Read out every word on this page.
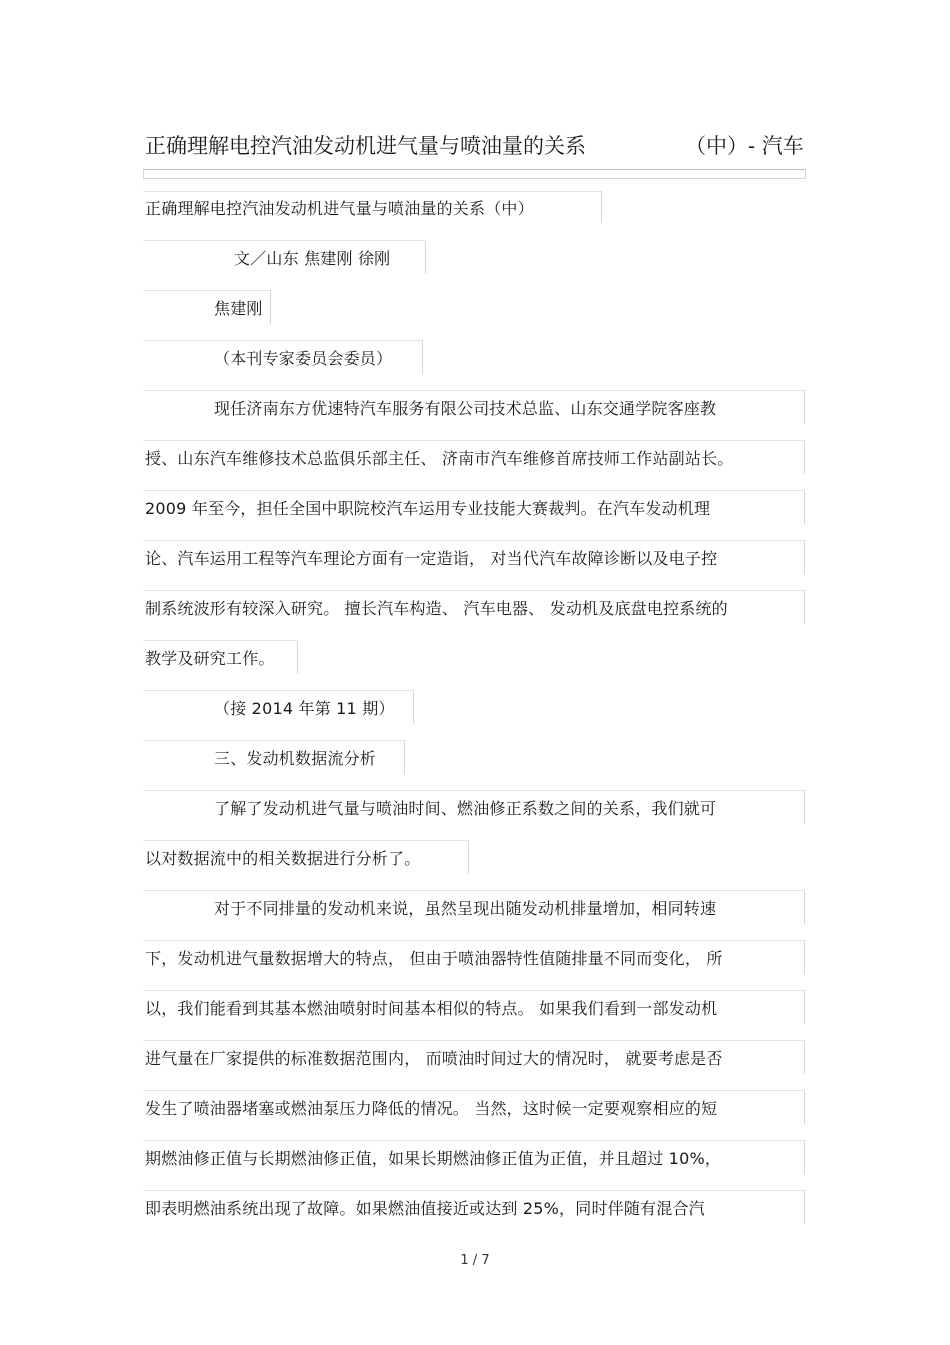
正确理解电控汽油发动机进气量与喷油量的关系	（中）- 汽车
正确理解电控汽油发动机进气量与喷油量的关系（中）
文／山东 焦建刚 徐刚
焦建刚
（本刊专家委员会委员）
现任济南东方优速特汽车服务有限公司技术总监、山东交通学院客座教
授、山东汽车维修技术总监俱乐部主任、 济南市汽车维修首席技师工作站副站长。
2009 年至今，担任全国中职院校汽车运用专业技能大赛裁判。在汽车发动机理
论、汽车运用工程等汽车理论方面有一定造诣， 对当代汽车故障诊断以及电子控
制系统波形有较深入研究。 擅长汽车构造、 汽车电器、 发动机及底盘电控系统的
教学及研究工作。
（接 2014 年第 11 期）
三、发动机数据流分析
了解了发动机进气量与喷油时间、燃油修正系数之间的关系，我们就可
以对数据流中的相关数据进行分析了。
对于不同排量的发动机来说，虽然呈现出随发动机排量增加，相同转速
下，发动机进气量数据增大的特点， 但由于喷油器特性值随排量不同而变化， 所
以，我们能看到其基本燃油喷射时间基本相似的特点。 如果我们看到一部发动机
进气量在厂家提供的标准数据范围内， 而喷油时间过大的情况时， 就要考虑是否
发生了喷油器堵塞或燃油泵压力降低的情况。 当然，这时候一定要观察相应的短
期燃油修正值与长期燃油修正值，如果长期燃油修正值为正值，并且超过 10%，
即表明燃油系统出现了故障。如果燃油值接近或达到 25%，同时伴随有混合汽
1 / 7
